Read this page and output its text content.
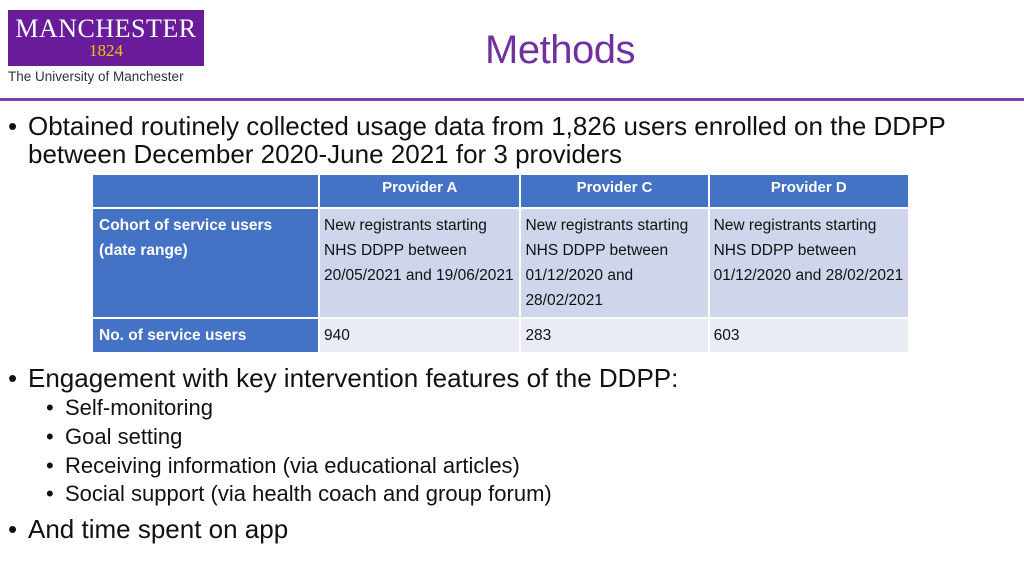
MANCHESTER
1824
The University of Manchester
Methods
• Obtained routinely collected usage data from 1,826 users enrolled on the DDPP between December 2020-June 2021 for 3 providers
	Provider A	Provider C	Provider D
Cohort of service users (date range)	New registrants starting NHS DDPP between 20/05/2021 and 19/06/2021	New registrants starting NHS DDPP between 01/12/2020 and 28/02/2021	New registrants starting NHS DDPP between 01/12/2020 and 28/02/2021
No. of service users	940	283	603
• Engagement with key intervention features of the DDPP:
• Self-monitoring
• Goal setting
• Receiving information (via educational articles)
• Social support (via health coach and group forum)
• And time spent on app
